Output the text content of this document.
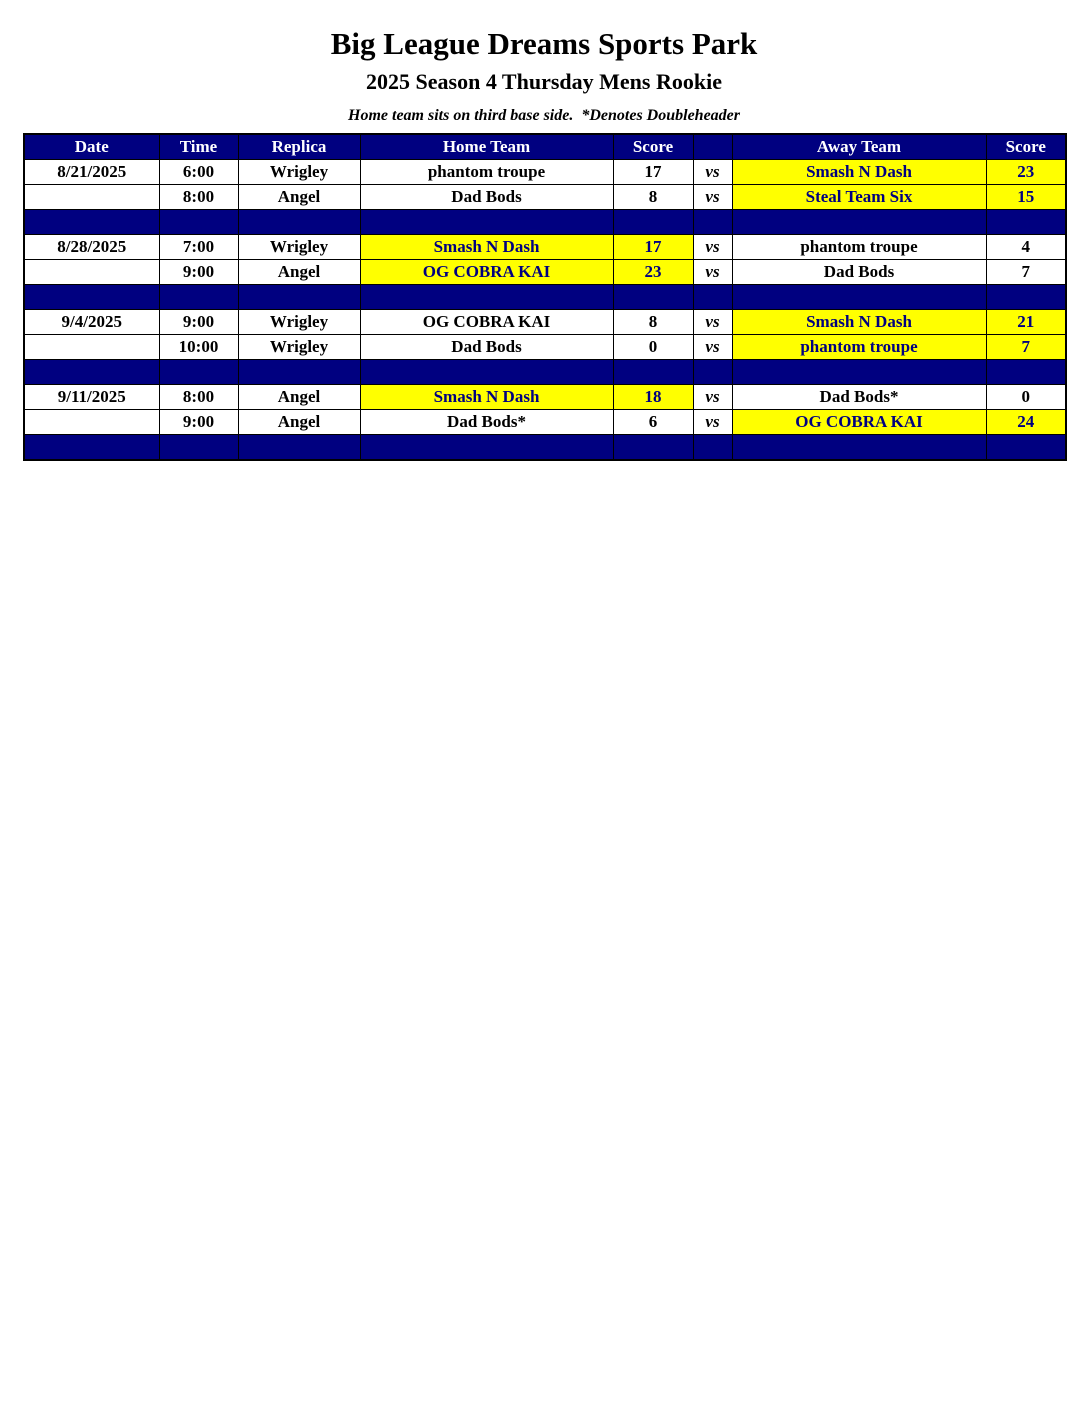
Big League Dreams Sports Park
2025 Season 4 Thursday Mens Rookie
Home team sits on third base side.  *Denotes Doubleheader
Date	Time	Replica	Home Team	Score		Away Team	Score
8/21/2025	6:00	Wrigley	phantom troupe	17	vs	Smash N Dash	23
	8:00	Angel	Dad Bods	8	vs	Steal Team Six	15

8/28/2025	7:00	Wrigley	Smash N Dash	17	vs	phantom troupe	4
	9:00	Angel	OG COBRA KAI	23	vs	Dad Bods	7

9/4/2025	9:00	Wrigley	OG COBRA KAI	8	vs	Smash N Dash	21
	10:00	Wrigley	Dad Bods	0	vs	phantom troupe	7

9/11/2025	8:00	Angel	Smash N Dash	18	vs	Dad Bods*	0
	9:00	Angel	Dad Bods*	6	vs	OG COBRA KAI	24
